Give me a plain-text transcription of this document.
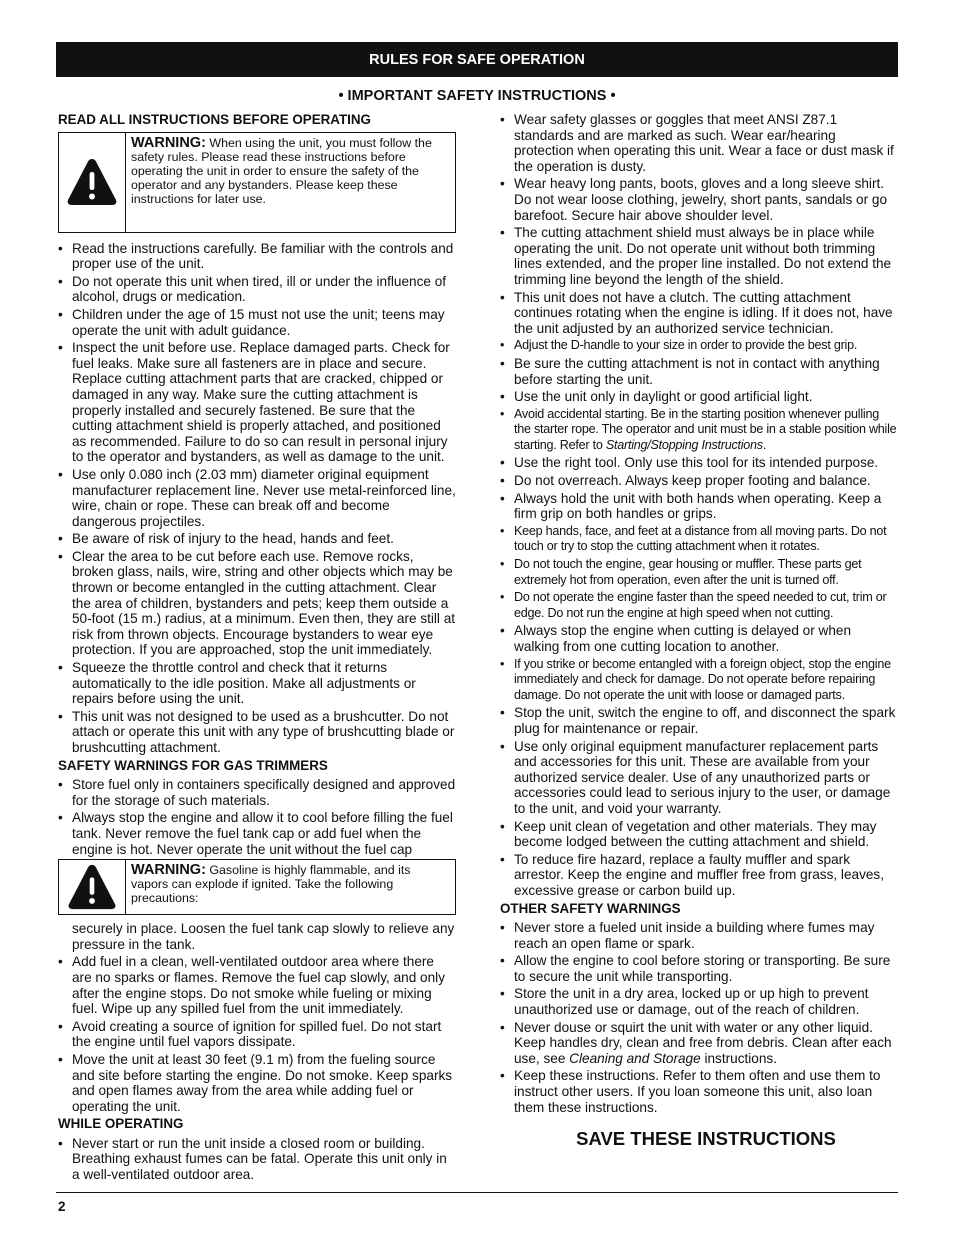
RULES FOR SAFE OPERATION
• IMPORTANT SAFETY INSTRUCTIONS •
READ ALL INSTRUCTIONS BEFORE OPERATING
WARNING: When using the unit, you must follow the safety rules. Please read these instructions before operating the unit in order to ensure the safety of the operator and any bystanders. Please keep these instructions for later use.
• Read the instructions carefully. Be familiar with the controls and proper use of the unit.
• Do not operate this unit when tired, ill or under the influence of alcohol, drugs or medication.
• Children under the age of 15 must not use the unit; teens may operate the unit with adult guidance.
• Inspect the unit before use. Replace damaged parts. Check for fuel leaks. Make sure all fasteners are in place and secure. Replace cutting attachment parts that are cracked, chipped or damaged in any way. Make sure the cutting attachment is properly installed and securely fastened. Be sure that the cutting attachment shield is properly attached, and positioned as recommended. Failure to do so can result in personal injury to the operator and bystanders, as well as damage to the unit.
• Use only 0.080 inch (2.03 mm) diameter original equipment manufacturer replacement line. Never use metal-reinforced line, wire, chain or rope. These can break off and become dangerous projectiles.
• Be aware of risk of injury to the head, hands and feet.
• Clear the area to be cut before each use. Remove rocks, broken glass, nails, wire, string and other objects which may be thrown or become entangled in the cutting attachment. Clear the area of children, bystanders and pets; keep them outside a 50-foot (15 m.) radius, at a minimum. Even then, they are still at risk from thrown objects. Encourage bystanders to wear eye protection. If you are approached, stop the unit immediately.
• Squeeze the throttle control and check that it returns automatically to the idle position. Make all adjustments or repairs before using the unit.
• This unit was not designed to be used as a brushcutter. Do not attach or operate this unit with any type of brushcutting blade or brushcutting attachment.
SAFETY WARNINGS FOR GAS TRIMMERS
• Store fuel only in containers specifically designed and approved for the storage of such materials.
• Always stop the engine and allow it to cool before filling the fuel tank. Never remove the fuel tank cap or add fuel when the engine is hot. Never operate the unit without the fuel cap
WARNING: Gasoline is highly flammable, and its vapors can explode if ignited. Take the following precautions:
securely in place. Loosen the fuel tank cap slowly to relieve any pressure in the tank.
• Add fuel in a clean, well-ventilated outdoor area where there are no sparks or flames. Remove the fuel cap slowly, and only after the engine stops. Do not smoke while fueling or mixing fuel. Wipe up any spilled fuel from the unit immediately.
• Avoid creating a source of ignition for spilled fuel. Do not start the engine until fuel vapors dissipate.
• Move the unit at least 30 feet (9.1 m) from the fueling source and site before starting the engine. Do not smoke. Keep sparks and open flames away from the area while adding fuel or operating the unit.
WHILE OPERATING
• Never start or run the unit inside a closed room or building. Breathing exhaust fumes can be fatal. Operate this unit only in a well-ventilated outdoor area.
• Wear safety glasses or goggles that meet ANSI Z87.1 standards and are marked as such. Wear ear/hearing protection when operating this unit. Wear a face or dust mask if the operation is dusty.
• Wear heavy long pants, boots, gloves and a long sleeve shirt. Do not wear loose clothing, jewelry, short pants, sandals or go barefoot. Secure hair above shoulder level.
• The cutting attachment shield must always be in place while operating the unit. Do not operate unit without both trimming lines extended, and the proper line installed. Do not extend the trimming line beyond the length of the shield.
• This unit does not have a clutch. The cutting attachment continues rotating when the engine is idling. If it does not, have the unit adjusted by an authorized service technician.
• Adjust the D-handle to your size in order to provide the best grip.
• Be sure the cutting attachment is not in contact with anything before starting the unit.
• Use the unit only in daylight or good artificial light.
• Avoid accidental starting. Be in the starting position whenever pulling the starter rope. The operator and unit must be in a stable position while starting. Refer to Starting/Stopping Instructions.
• Use the right tool. Only use this tool for its intended purpose.
• Do not overreach. Always keep proper footing and balance.
• Always hold the unit with both hands when operating. Keep a firm grip on both handles or grips.
• Keep hands, face, and feet at a distance from all moving parts. Do not touch or try to stop the cutting attachment when it rotates.
• Do not touch the engine, gear housing or muffler. These parts get extremely hot from operation, even after the unit is turned off.
• Do not operate the engine faster than the speed needed to cut, trim or edge. Do not run the engine at high speed when not cutting.
• Always stop the engine when cutting is delayed or when walking from one cutting location to another.
• If you strike or become entangled with a foreign object, stop the engine immediately and check for damage. Do not operate before repairing damage. Do not operate the unit with loose or damaged parts.
• Stop the unit, switch the engine to off, and disconnect the spark plug for maintenance or repair.
• Use only original equipment manufacturer replacement parts and accessories for this unit. These are available from your authorized service dealer. Use of any unauthorized parts or accessories could lead to serious injury to the user, or damage to the unit, and void your warranty.
• Keep unit clean of vegetation and other materials. They may become lodged between the cutting attachment and shield.
• To reduce fire hazard, replace a faulty muffler and spark arrestor. Keep the engine and muffler free from grass, leaves, excessive grease or carbon build up.
OTHER SAFETY WARNINGS
• Never store a fueled unit inside a building where fumes may reach an open flame or spark.
• Allow the engine to cool before storing or transporting. Be sure to secure the unit while transporting.
• Store the unit in a dry area, locked up or up high to prevent unauthorized use or damage, out of the reach of children.
• Never douse or squirt the unit with water or any other liquid. Keep handles dry, clean and free from debris. Clean after each use, see Cleaning and Storage instructions.
• Keep these instructions. Refer to them often and use them to instruct other users. If you loan someone this unit, also loan them these instructions.
SAVE THESE INSTRUCTIONS
2
